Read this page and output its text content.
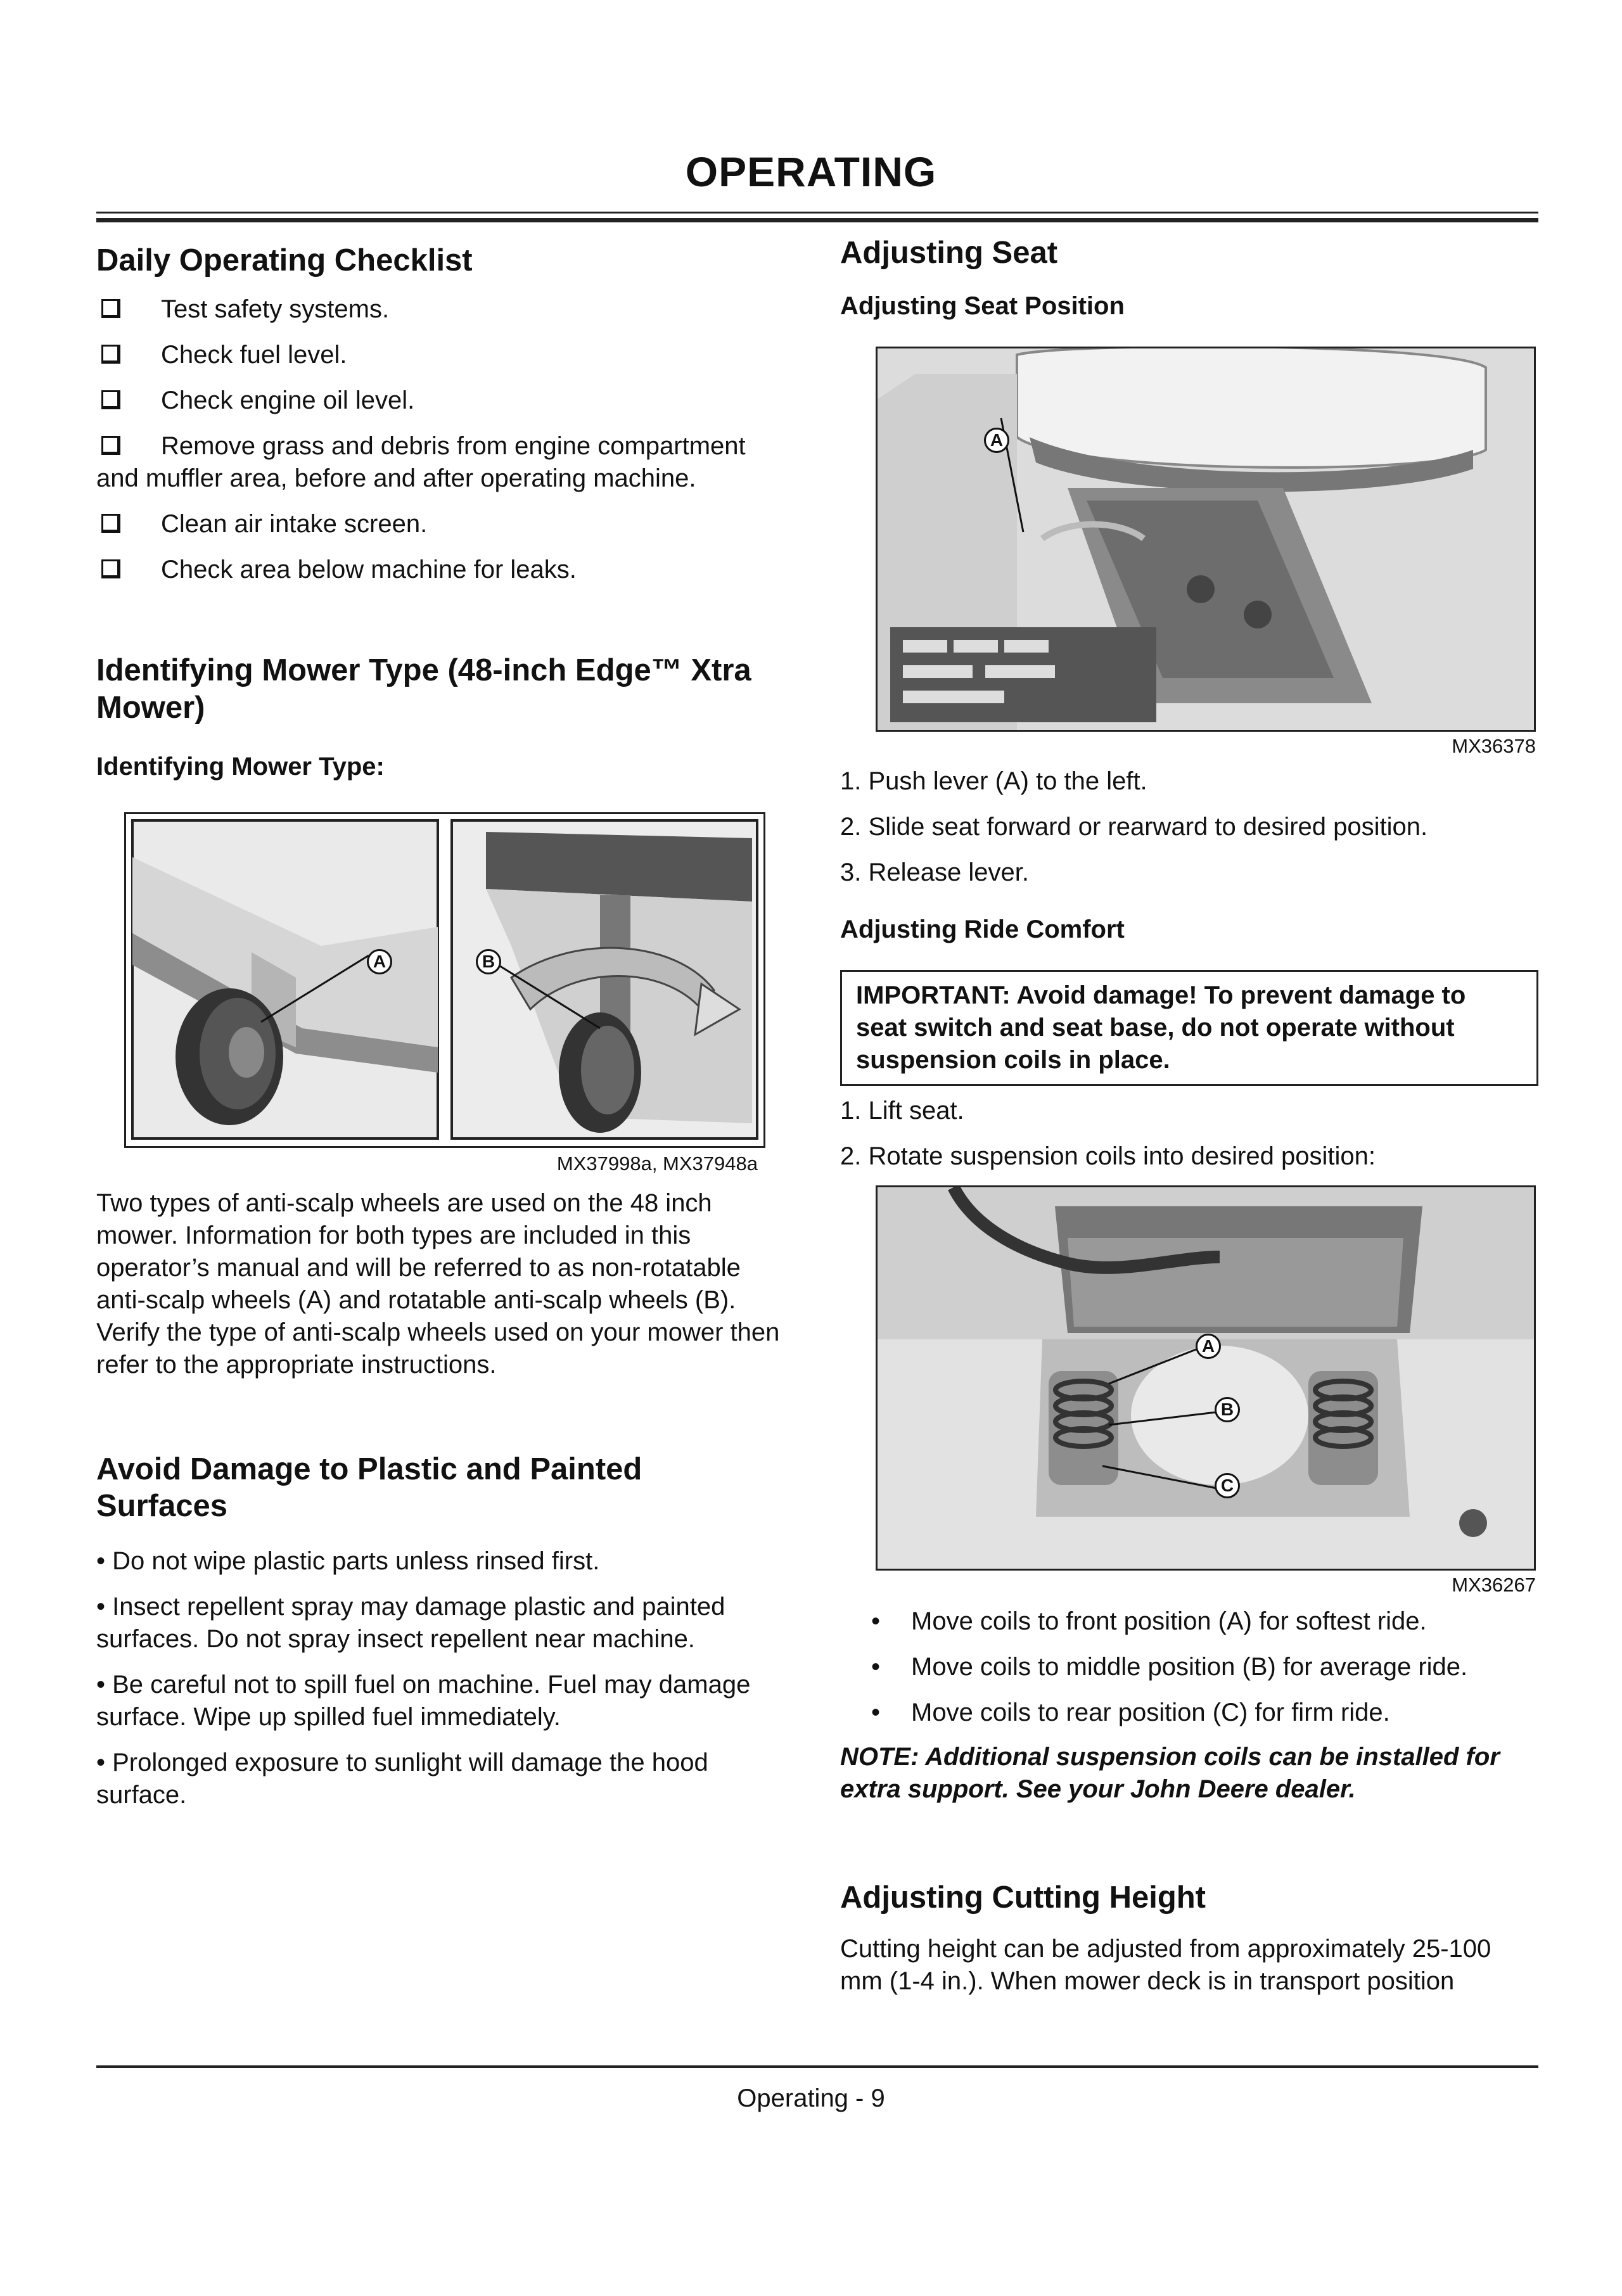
OPERATING
Daily Operating Checklist
Test safety systems.
Check fuel level.
Check engine oil level.
Remove grass and debris from engine compartment and muffler area, before and after operating machine.
Clean air intake screen.
Check area below machine for leaks.
Identifying Mower Type (48-inch Edge™ Xtra Mower)
Identifying Mower Type:
A	B
MX37998a, MX37948a

Two types of anti-scalp wheels are used on the 48 inch mower. Information for both types are included in this operator’s manual and will be referred to as non-rotatable anti-scalp wheels (A) and rotatable anti-scalp wheels (B). Verify the type of anti-scalp wheels used on your mower then refer to the appropriate instructions.

Avoid Damage to Plastic and Painted Surfaces
• Do not wipe plastic parts unless rinsed first.
• Insect repellent spray may damage plastic and painted surfaces. Do not spray insect repellent near machine.
• Be careful not to spill fuel on machine. Fuel may damage surface. Wipe up spilled fuel immediately.
• Prolonged exposure to sunlight will damage the hood surface.
Adjusting Seat
Adjusting Seat Position
A
MX36378

1. Push lever (A) to the left.

2. Slide seat forward or rearward to desired position.

3. Release lever.

Adjusting Ride Comfort
IMPORTANT: Avoid damage! To prevent damage to seat switch and seat base, do not operate without suspension coils in place.

1. Lift seat.

2. Rotate suspension coils into desired position:

A
B
C
MX36267
•	Move coils to front position (A) for softest ride.
•	Move coils to middle position (B) for average ride.
•	Move coils to rear position (C) for firm ride.
NOTE: Additional suspension coils can be installed for extra support. See your John Deere dealer.
Adjusting Cutting Height

Cutting height can be adjusted from approximately 25-100 mm (1-4 in.). When mower deck is in transport position

Operating - 9
